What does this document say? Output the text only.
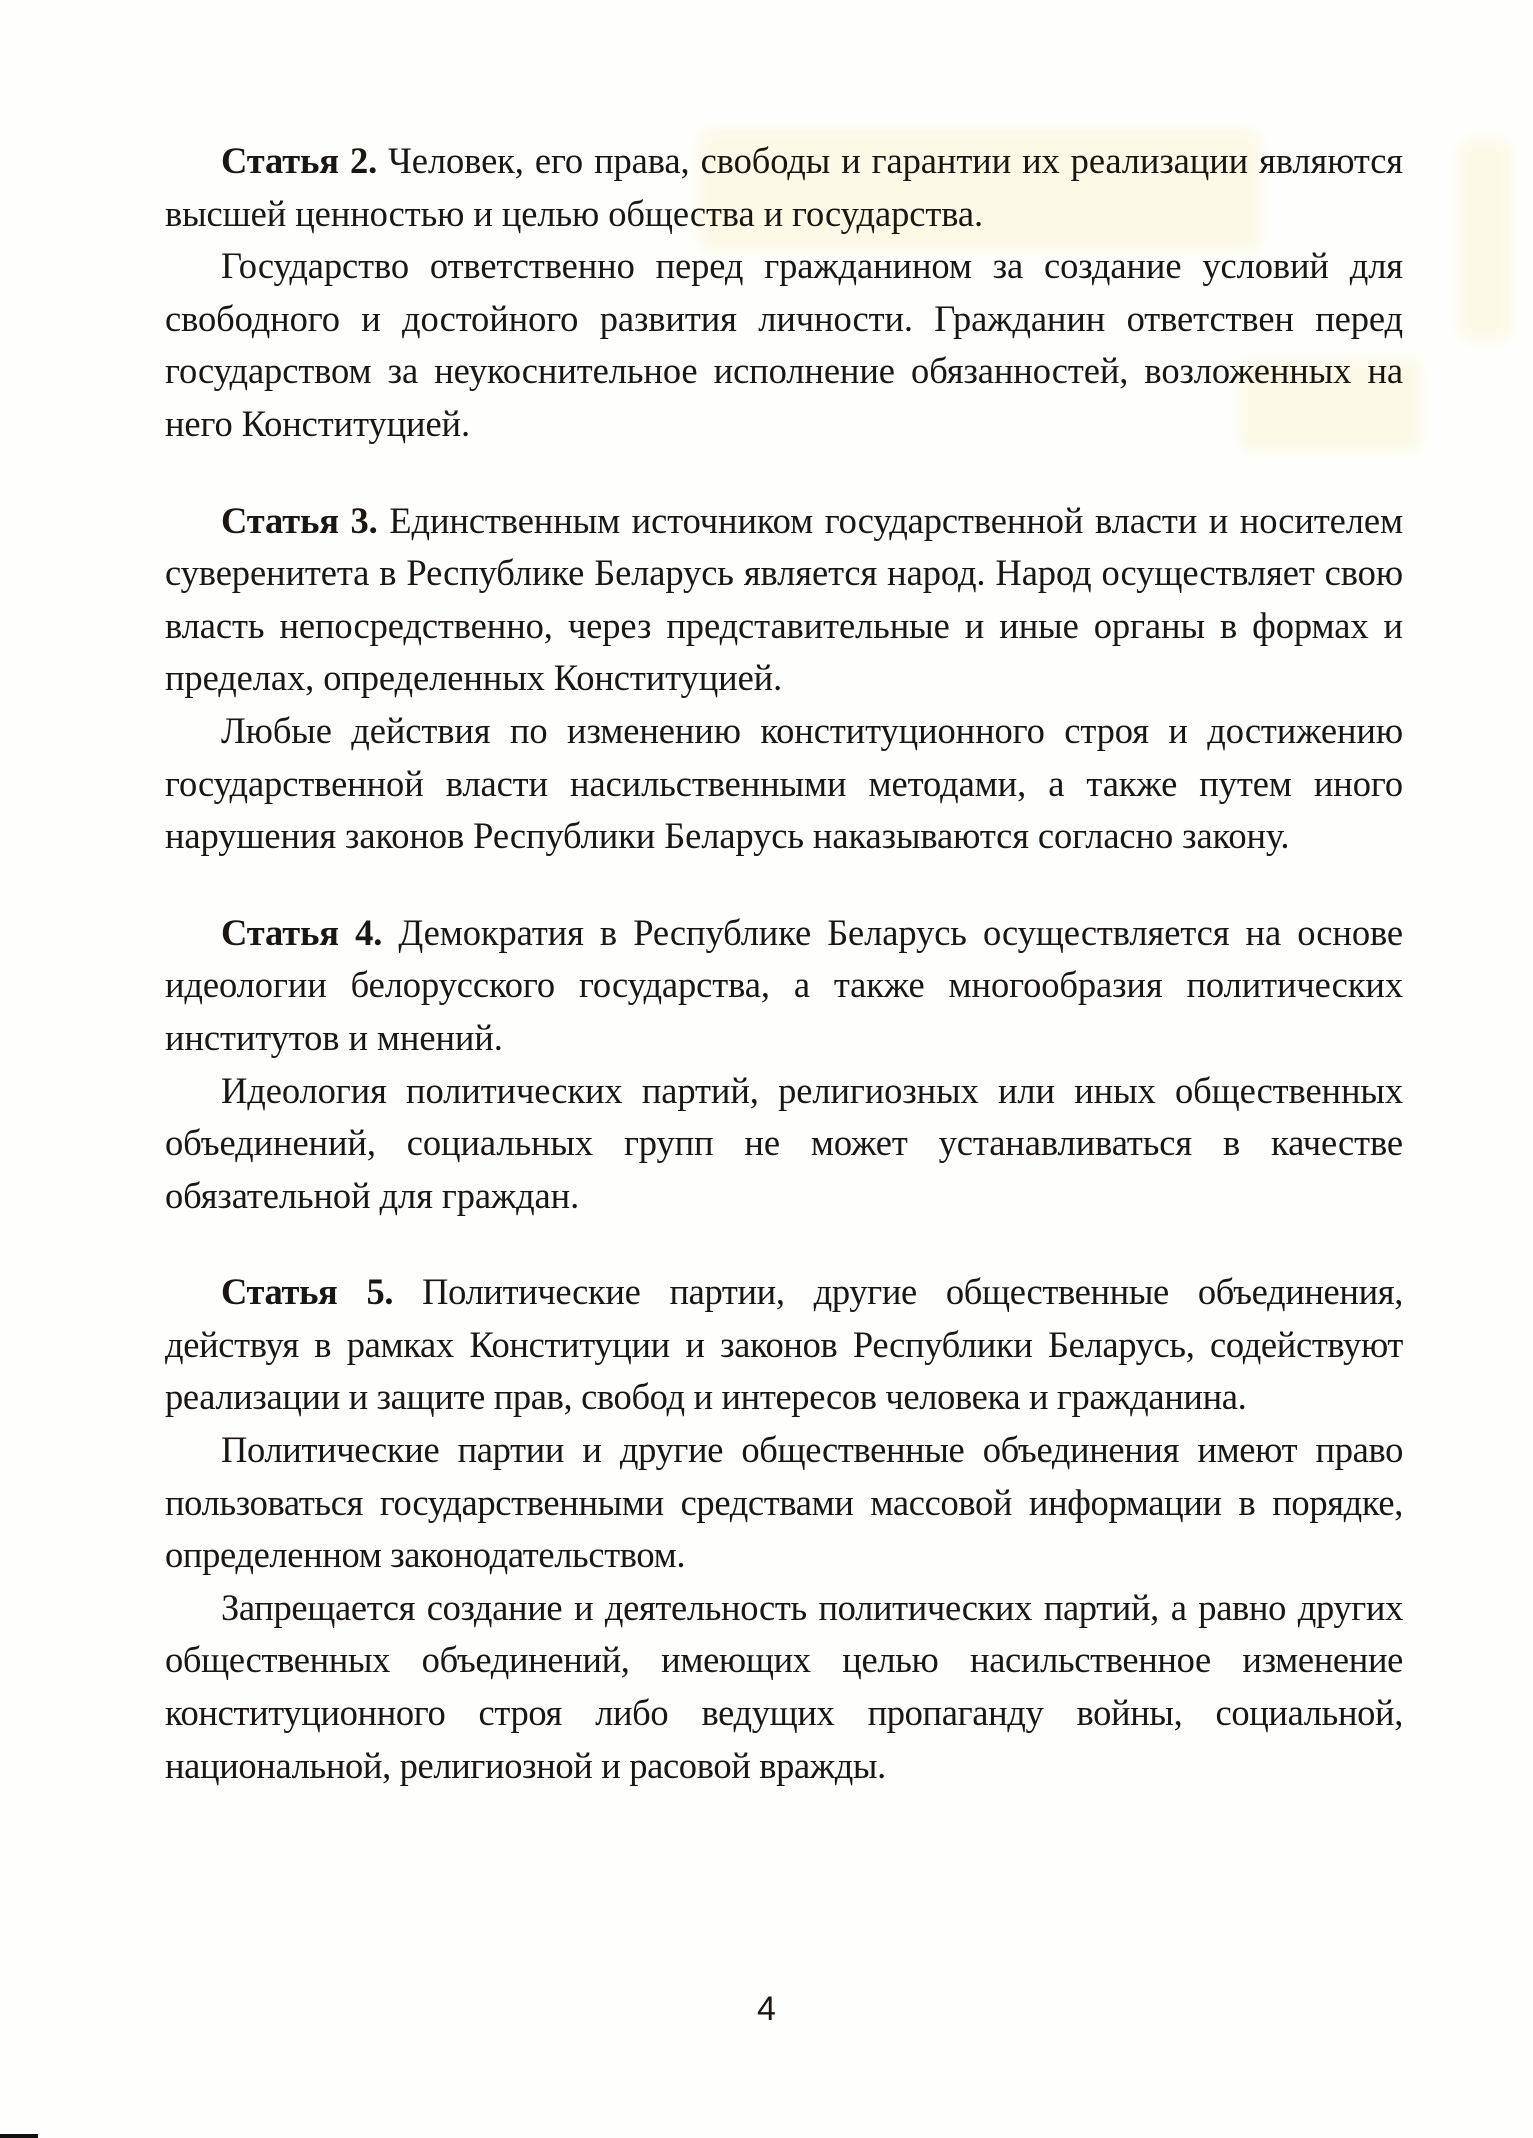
Статья 2. Человек, его права, свободы и гарантии их реализации являются высшей ценностью и целью общества и государства.

Государство ответственно перед гражданином за создание условий для свободного и достойного развития личности. Гражданин ответствен перед государством за неукоснительное исполнение обязанностей, возложенных на него Конституцией.

Статья 3. Единственным источником государственной власти и носителем суверенитета в Республике Беларусь является народ. Народ осуществляет свою власть непосредственно, через представительные и иные органы в формах и пределах, определенных Конституцией.

Любые действия по изменению конституционного строя и достижению государственной власти насильственными методами, а также путем иного нарушения законов Республики Беларусь наказываются согласно закону.

Статья 4. Демократия в Республике Беларусь осуществляется на основе идеологии белорусского государства, а также многообразия политических институтов и мнений.

Идеология политических партий, религиозных или иных общественных объединений, социальных групп не может устанавливаться в качестве обязательной для граждан.

Статья 5. Политические партии, другие общественные объединения, действуя в рамках Конституции и законов Республики Беларусь, содействуют реализации и защите прав, свобод и интересов человека и гражданина.

Политические партии и другие общественные объединения имеют право пользоваться государственными средствами массовой информации в порядке, определенном законодательством.

Запрещается создание и деятельность политических партий, а равно других общественных объединений, имеющих целью насильственное изменение конституционного строя либо ведущих пропаганду войны, социальной, национальной, религиозной и расовой вражды.

4
